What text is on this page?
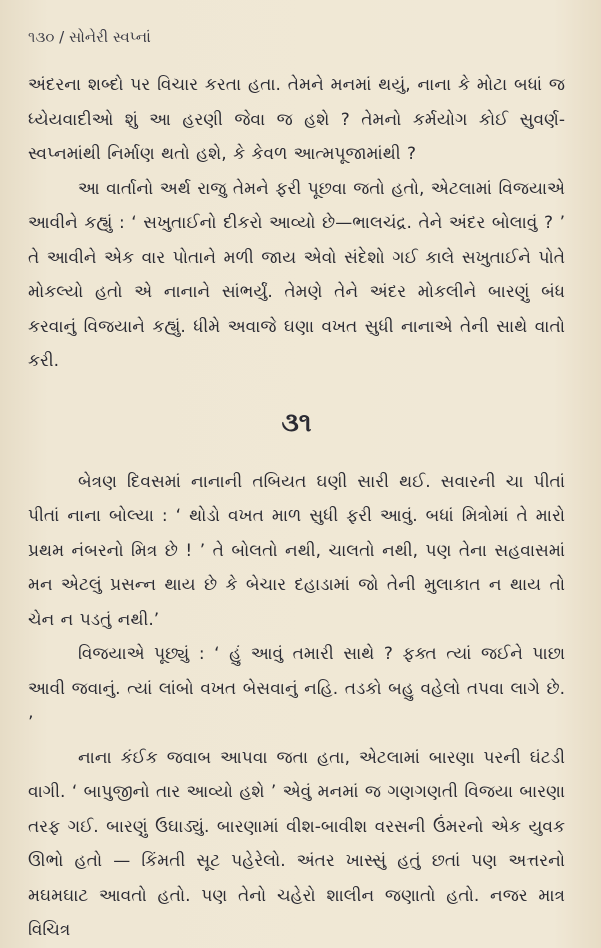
૧૩૦ / સોનેરી સ્વપ્નાં

અંદરના શબ્દો પર વિચાર કરતા હતા. તેમને મનમાં થયું, નાના કે મોટા બધાં જ ધ્યેયવાદીઓ શું આ હરણી જેવા જ હશે ? તેમનો કર્મયોગ કોઈ સુવર્ણ-સ્વપ્નમાંથી નિર્માણ થતો હશે, કે કેવળ આત્મપૂજામાંથી ?

આ વાર્તાનો અર્થ રાજુ તેમને ફરી પૂછવા જતો હતો, એટલામાં વિજયાએ આવીને કહ્યું : ‘ સખુતાઈનો દીકરો આવ્યો છે—ભાલચંદ્ર. તેને અંદર બોલાવું ? ’ તે આવીને એક વાર પોતાને મળી જાય એવો સંદેશો ગઈ કાલે સખુતાઈને પોતે મોકલ્યો હતો એ નાનાને સાંભર્યું. તેમણે તેને અંદર મોકલીને બારણું બંધ કરવાનું વિજયાને કહ્યું. ધીમે અવાજે ઘણા વખત સુધી નાનાએ તેની સાથે વાતો કરી.

૩૧

બેત્રણ દિવસમાં નાનાની તબિયત ઘણી સારી થઈ. સવારની ચા પીતાં પીતાં નાના બોલ્યા : ‘ થોડો વખત માળ સુધી ફરી આવું. બધાં મિત્રોમાં તે મારો પ્રથમ નંબરનો મિત્ર છે ! ’ તે બોલતો નથી, ચાલતો નથી, પણ તેના સહવાસમાં મન એટલું પ્રસન્ન થાય છે કે બેચાર દહાડામાં જો તેની મુલાકાત ન થાય તો ચેન ન પડતું નથી.’

વિજયાએ પૂછ્યું : ‘ હું આવું તમારી સાથે ? ફક્ત ત્યાં જઈને પાછા આવી જવાનું. ત્યાં લાંબો વખત બેસવાનું નહિ. તડકો બહુ વહેલો તપવા લાગે છે. ’

નાના કંઈક જવાબ આપવા જતા હતા, એટલામાં બારણા પરની ઘંટડી વાગી. ‘ બાપુજીનો તાર આવ્યો હશે ’ એવું મનમાં જ ગણગણતી વિજયા બારણા તરફ ગઈ. બારણું ઉઘાડ્યું. બારણામાં વીશ-બાવીશ વરસની ઉંમરનો એક યુવક ઊભો હતો — કિંમતી સૂટ પહેરેલો. અંતર ખાસ્સું હતું છતાં પણ અત્તરનો મઘમઘાટ આવતો હતો. પણ તેનો ચહેરો શાલીન જણાતો હતો. નજર માત્ર વિચિત્ર
